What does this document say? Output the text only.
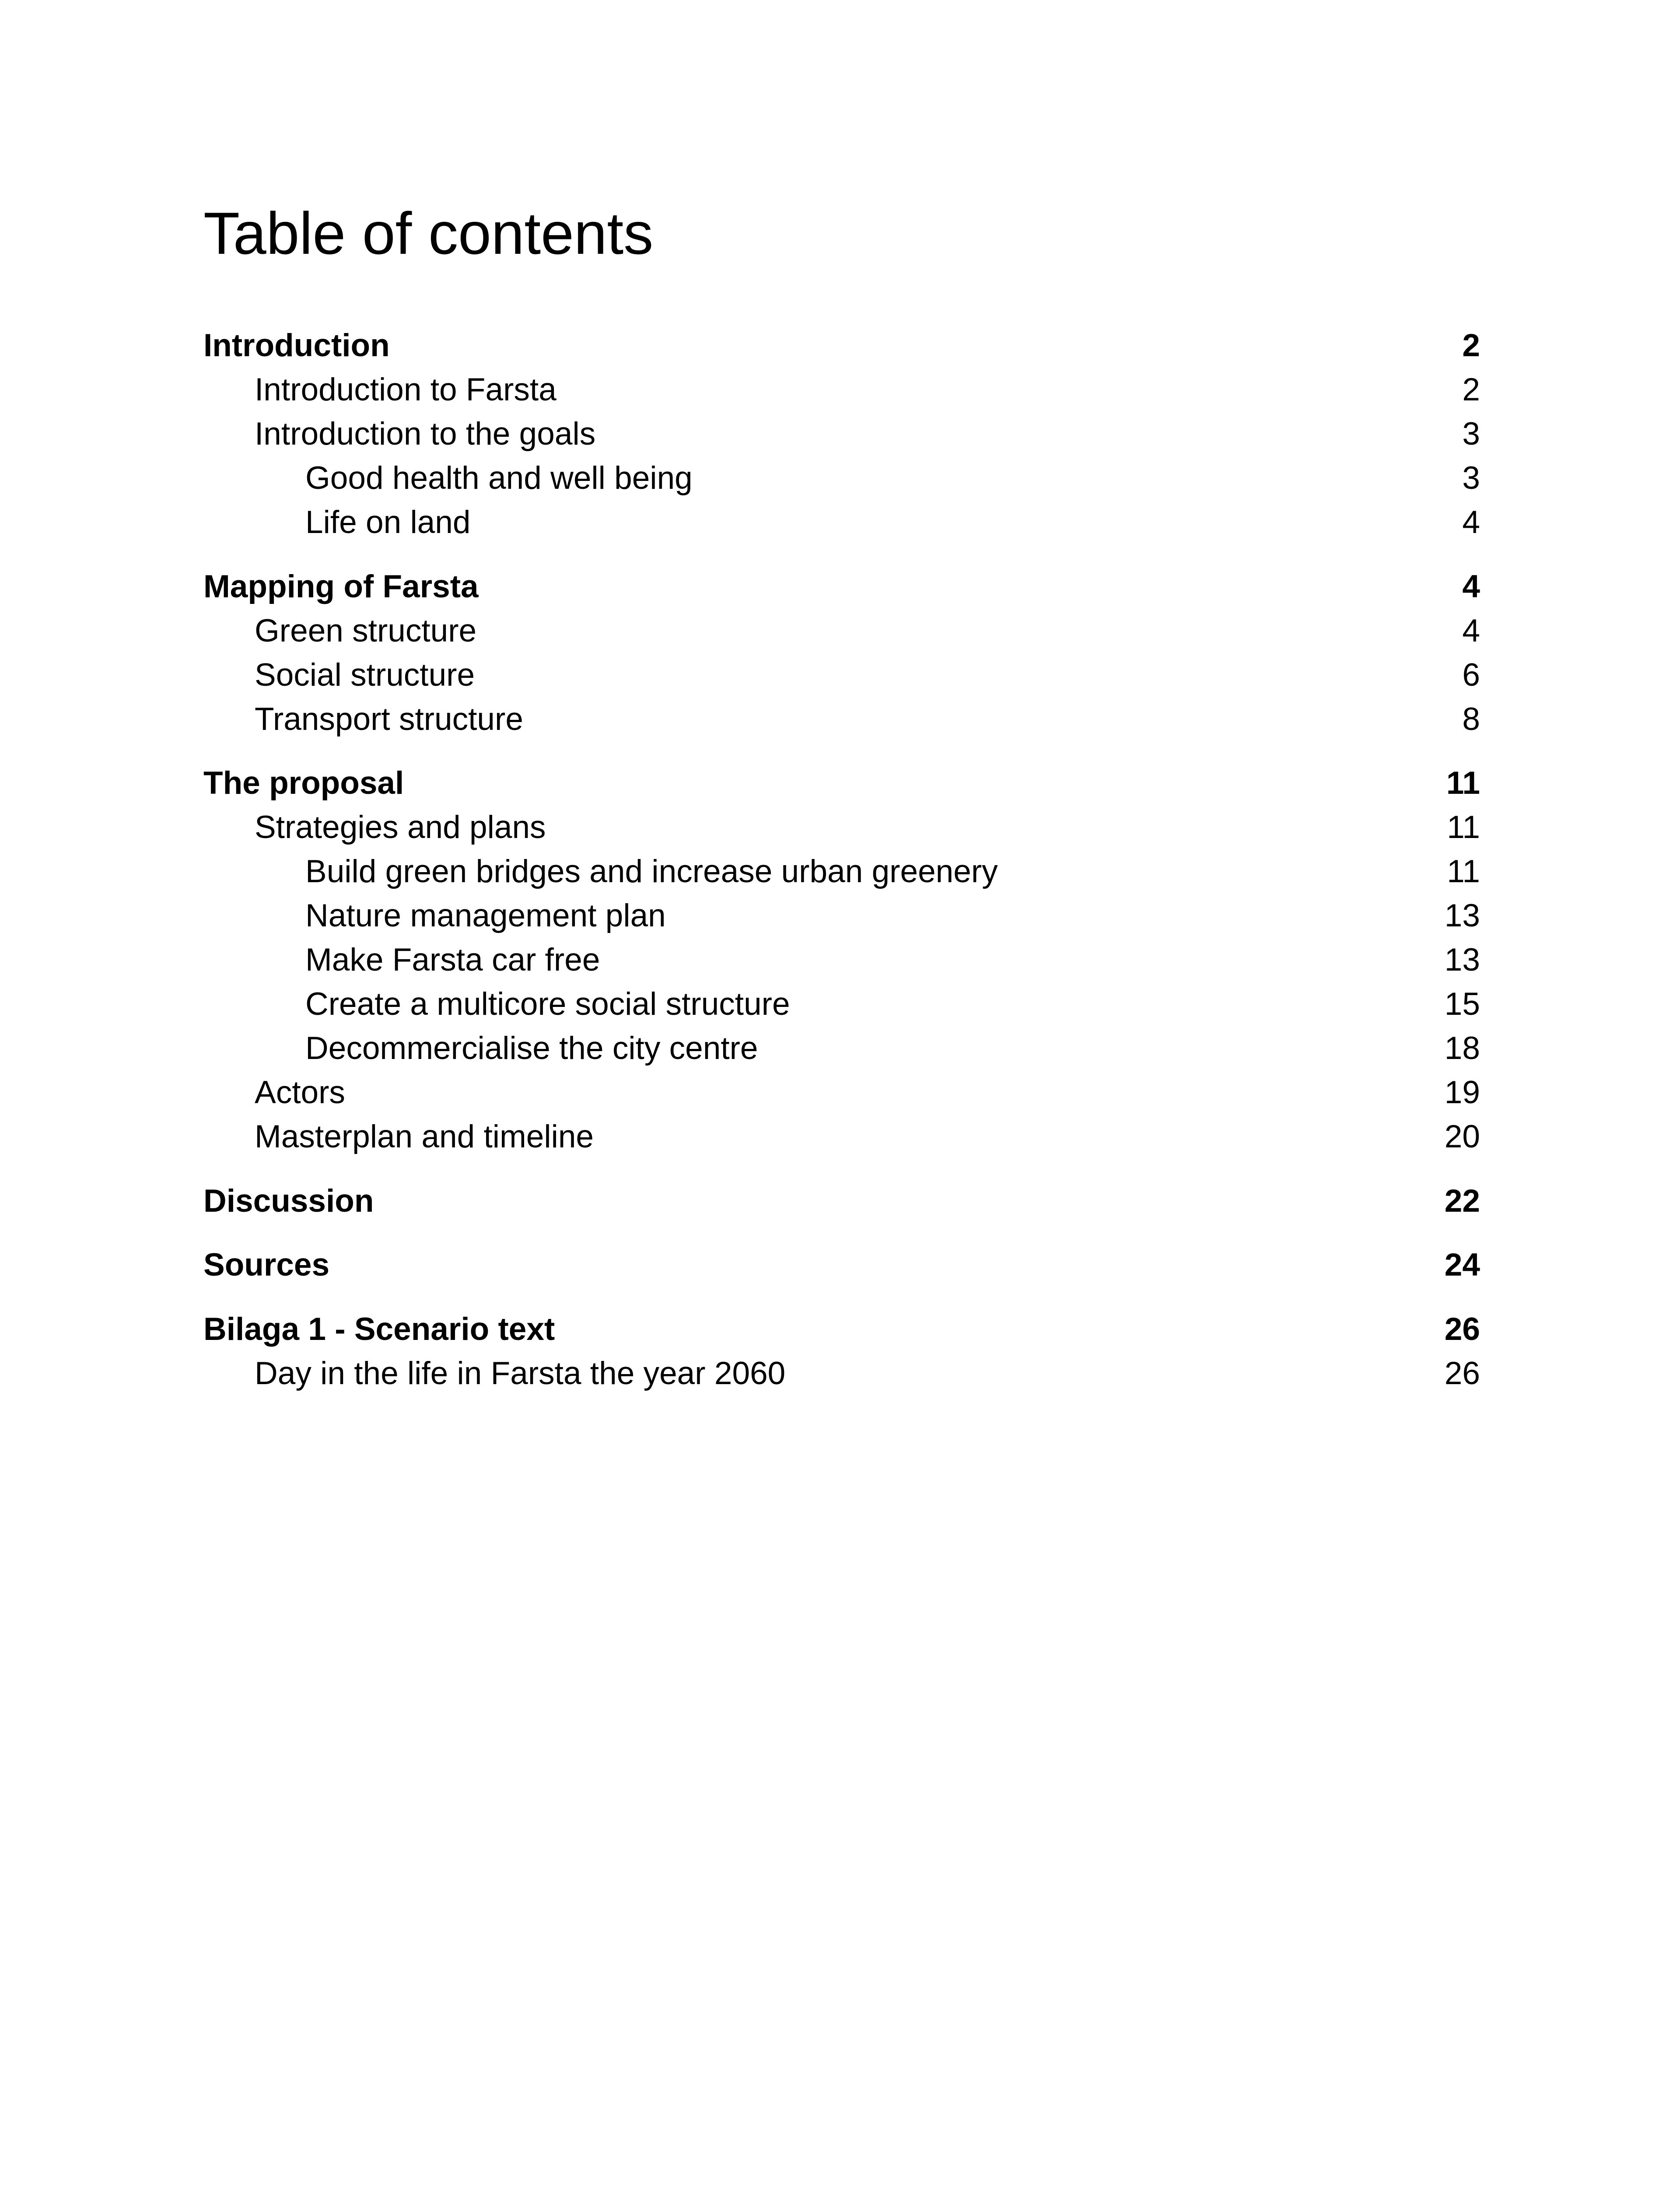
Table of contents
Introduction	2
Introduction to Farsta	2
Introduction to the goals	3
Good health and well being	3
Life on land	4
Mapping of Farsta	4
Green structure	4
Social structure	6
Transport structure	8
The proposal	11
Strategies and plans	11
Build green bridges and increase urban greenery	11
Nature management plan	13
Make Farsta car free	13
Create a multicore social structure	15
Decommercialise the city centre	18
Actors	19
Masterplan and timeline	20
Discussion	22
Sources	24
Bilaga 1 - Scenario text	26
Day in the life in Farsta the year 2060	26
